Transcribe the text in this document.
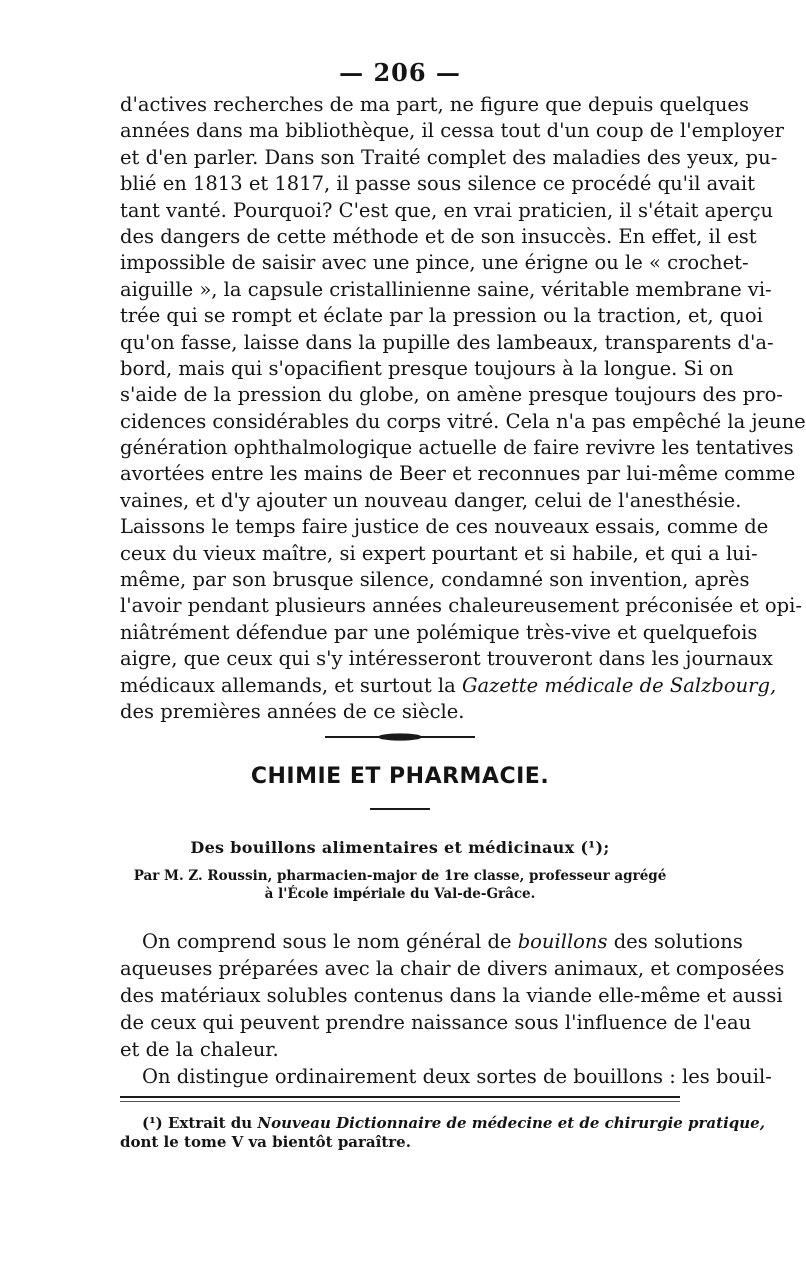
— 206 —
d'actives recherches de ma part, ne figure que depuis quelques
années dans ma bibliothèque, il cessa tout d'un coup de l'employer
et d'en parler. Dans son Traité complet des maladies des yeux, pu-
blié en 1813 et 1817, il passe sous silence ce procédé qu'il avait
tant vanté. Pourquoi? C'est que, en vrai praticien, il s'était aperçu
des dangers de cette méthode et de son insuccès. En effet, il est
impossible de saisir avec une pince, une érigne ou le « crochet-
aiguille », la capsule cristallinienne saine, véritable membrane vi-
trée qui se rompt et éclate par la pression ou la traction, et, quoi
qu'on fasse, laisse dans la pupille des lambeaux, transparents d'a-
bord, mais qui s'opacifient presque toujours à la longue. Si on
s'aide de la pression du globe, on amène presque toujours des pro-
cidences considérables du corps vitré. Cela n'a pas empêché la jeune
génération ophthalmologique actuelle de faire revivre les tentatives
avortées entre les mains de Beer et reconnues par lui-même comme
vaines, et d'y ajouter un nouveau danger, celui de l'anesthésie.
Laissons le temps faire justice de ces nouveaux essais, comme de
ceux du vieux maître, si expert pourtant et si habile, et qui a lui-
même, par son brusque silence, condamné son invention, après
l'avoir pendant plusieurs années chaleureusement préconisée et opi-
niâtrément défendue par une polémique très-vive et quelquefois
aigre, que ceux qui s'y intéresseront trouveront dans les journaux
médicaux allemands, et surtout la Gazette médicale de Salzbourg,
des premières années de ce siècle.
CHIMIE ET PHARMACIE.
Des bouillons alimentaires et médicinaux (¹);
Par M. Z. Roussin, pharmacien-major de 1re classe, professeur agrégé
à l'École impériale du Val-de-Grâce.
On comprend sous le nom général de bouillons des solutions
aqueuses préparées avec la chair de divers animaux, et composées
des matériaux solubles contenus dans la viande elle-même et aussi
de ceux qui peuvent prendre naissance sous l'influence de l'eau
et de la chaleur.
On distingue ordinairement deux sortes de bouillons : les bouil-
(¹) Extrait du Nouveau Dictionnaire de médecine et de chirurgie pratique,
dont le tome V va bientôt paraître.
